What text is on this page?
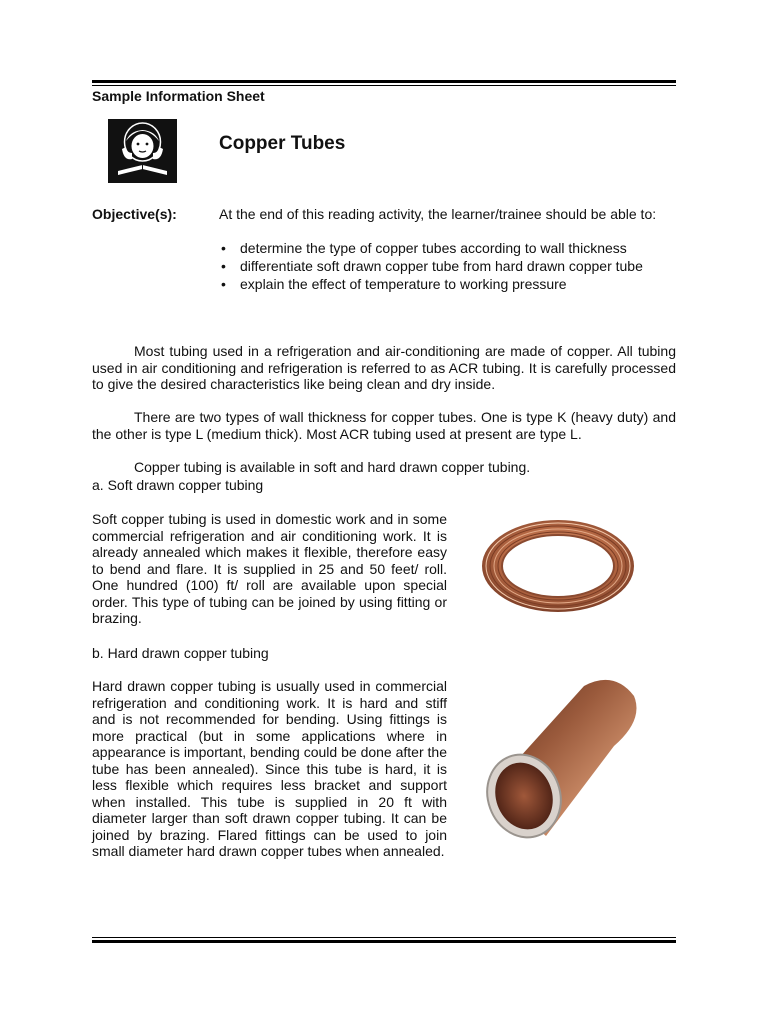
Sample Information Sheet
Copper Tubes
Objective(s):	At the end of this reading activity, the learner/trainee should be able to:
• determine the type of copper tubes according to wall thickness
• differentiate soft drawn copper tube from hard drawn copper tube
• explain the effect of temperature to working pressure

Most tubing used in a refrigeration and air-conditioning are made of copper. All tubing used in air conditioning and refrigeration is referred to as ACR tubing. It is carefully processed to give the desired characteristics like being clean and dry inside.

There are two types of wall thickness for copper tubes. One is type K (heavy duty) and the other is type L (medium thick). Most ACR tubing used at present are type L.

Copper tubing is available in soft and hard drawn copper tubing.

a. Soft drawn copper tubing

Soft copper tubing is used in domestic work and in some commercial refrigeration and air conditioning work. It is already annealed which makes it flexible, therefore easy to bend and flare. It is supplied in 25 and 50 feet/ roll. One hundred (100) ft/ roll are available upon special order. This type of tubing can be joined by using fitting or brazing.

b. Hard drawn copper tubing

Hard drawn copper tubing is usually used in commercial refrigeration and conditioning work. It is hard and stiff and is not recommended for bending. Using fittings is more practical (but in some applications where in appearance is important, bending could be done after the tube has been annealed). Since this tube is hard, it is less flexible which requires less bracket and support when installed. This tube is supplied in 20 ft with diameter larger than soft drawn copper tubing. It can be joined by brazing. Flared fittings can be used to join small diameter hard drawn copper tubes when annealed.
